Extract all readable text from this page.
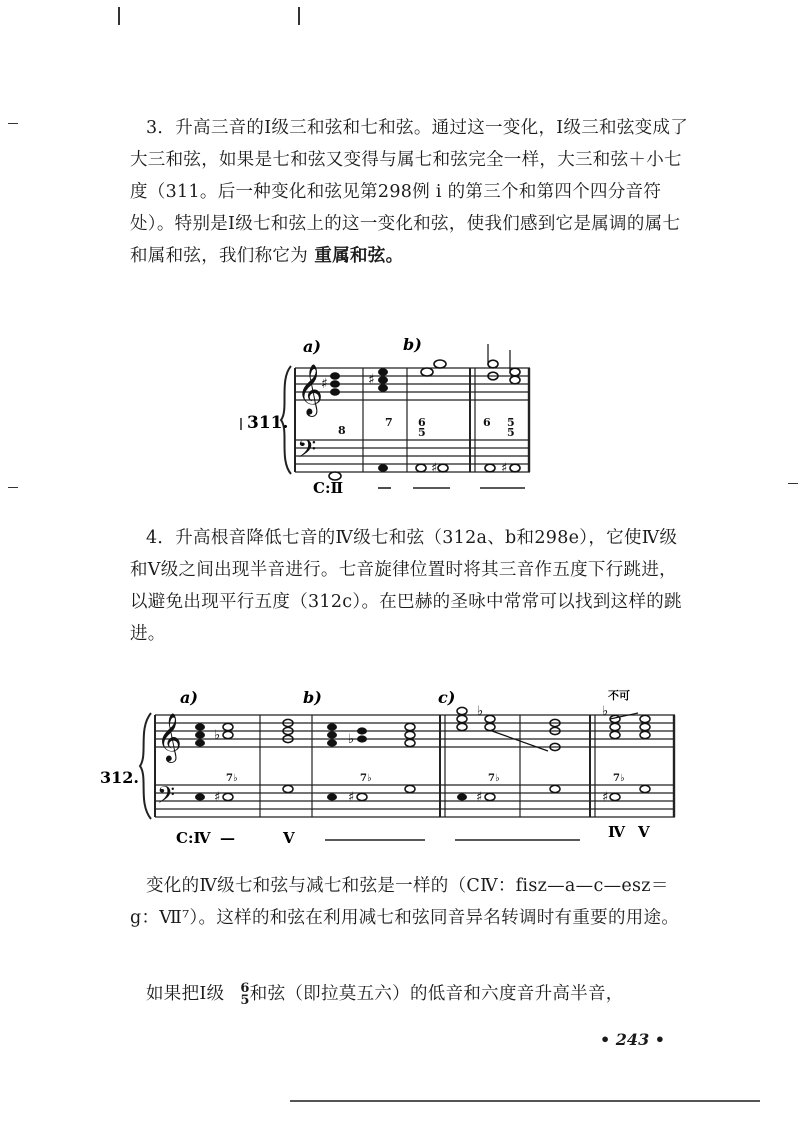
3．升高三音的Ⅰ级三和弦和七和弦。通过这一变化，Ⅰ级三和弦变成了大三和弦，如果是七和弦又变得与属七和弦完全一样，大三和弦＋小七度（311。后一种变化和弦见第298例 i 的第三个和第四个四分音符处）。特别是Ⅰ级七和弦上的这一变化和弦，使我们感到它是属调的属七和属和弦，我们称它为 重属和弦。

𝄞
𝄢
♯	♯
♯	♯
a)	b)
311.	8
7 6
5
6 5
5
C:Ⅱ

4．升高根音降低七音的Ⅳ级七和弦（312a、b和298e），它使Ⅳ级和Ⅴ级之间出现半音进行。七音旋律位置时将其三音作五度下行跳进，以避免出现平行五度（312c）。在巴赫的圣咏中常常可以找到这样的跳进。

𝄞
𝄢
♭	♭
♭	♭
♯	♯	♯	♯
a)	b)	c)	不可
312.	7♭	7♭	7♭	7♭
C:Ⅳ —	Ⅴ	Ⅳ Ⅴ

变化的Ⅳ级七和弦与减七和弦是一样的（CⅣ：fisz—a—c—esz＝g：Ⅶ⁷）。这样的和弦在利用减七和弦同音异名转调时有重要的用途。

如果把Ⅰ级	6
5 和弦（即拉莫五六）的低音和六度音升高半音，

• 243 •
